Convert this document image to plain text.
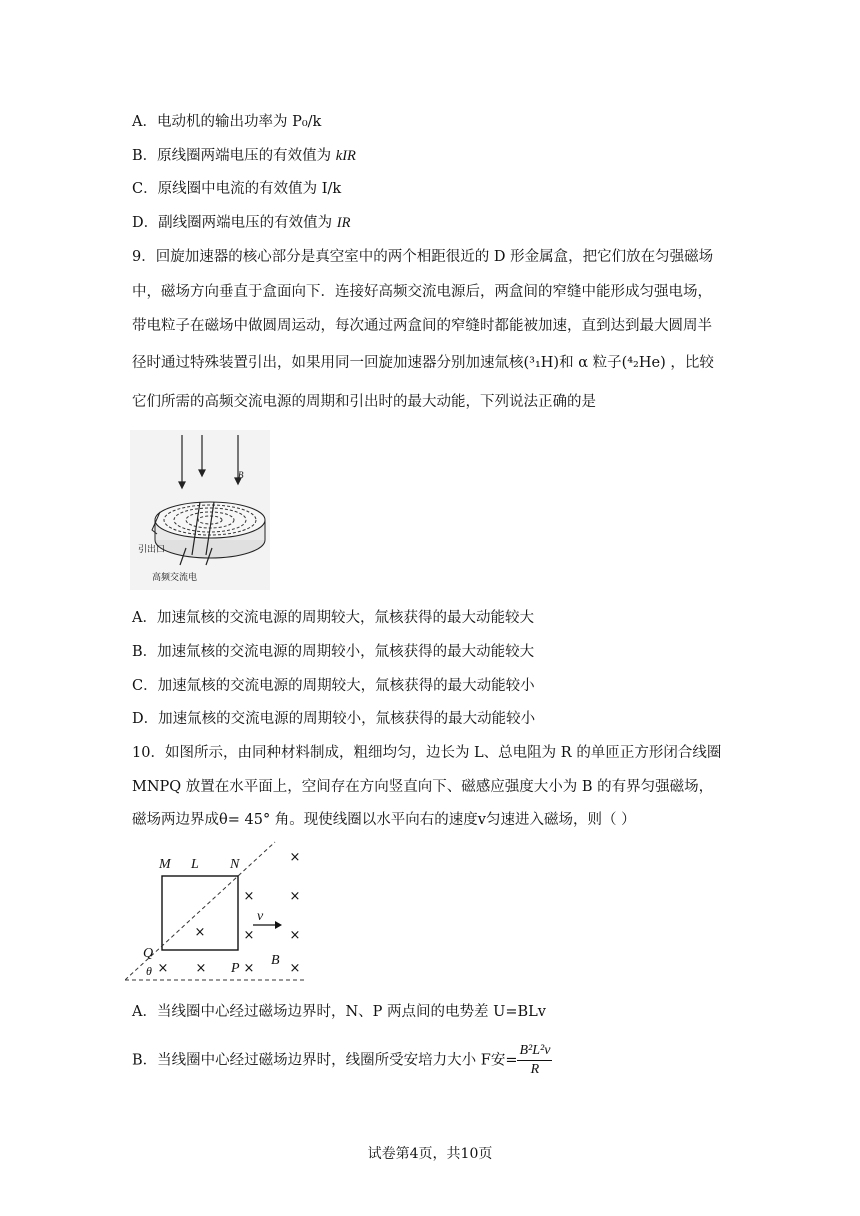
A．电动机的输出功率为 P₀/k
B．原线圈两端电压的有效值为 kIR
C．原线圈中电流的有效值为 I/k
D．副线圈两端电压的有效值为 IR
9．回旋加速器的核心部分是真空室中的两个相距很近的 D 形金属盒，把它们放在匀强磁场
中，磁场方向垂直于盒面向下．连接好高频交流电源后，两盒间的窄缝中能形成匀强电场，
带电粒子在磁场中做圆周运动，每次通过两盒间的窄缝时都能被加速，直到达到最大圆周半
径时通过特殊装置引出，如果用同一回旋加速器分别加速氚核(³₁H)和 α 粒子(⁴₂He) ，比较
它们所需的高频交流电源的周期和引出时的最大动能，下列说法正确的是
B
引出口
高频交流电
A．加速氚核的交流电源的周期较大，氚核获得的最大动能较大
B．加速氚核的交流电源的周期较小，氚核获得的最大动能较大
C．加速氚核的交流电源的周期较大，氚核获得的最大动能较小
D．加速氚核的交流电源的周期较小，氚核获得的最大动能较小
10．如图所示，由同种材料制成，粗细均匀，边长为 L、总电阻为 R 的单匝正方形闭合线圈
MNPQ 放置在水平面上，空间存在方向竖直向下、磁感应强度大小为 B 的有界匀强磁场，
磁场两边界成θ= 45° 角。现使线圈以水平向右的速度v匀速进入磁场，则（ ）
M L N
Q
P
B
v
θ
×
×	×
×	×	×
× ×	×	×
A．当线圈中心经过磁场边界时，N、P 两点间的电势差 U=BLv
B．当线圈中心经过磁场边界时，线圈所受安培力大小 F安= $\frac{\text{B²L²v}}{R}$
试卷第4页，共10页
